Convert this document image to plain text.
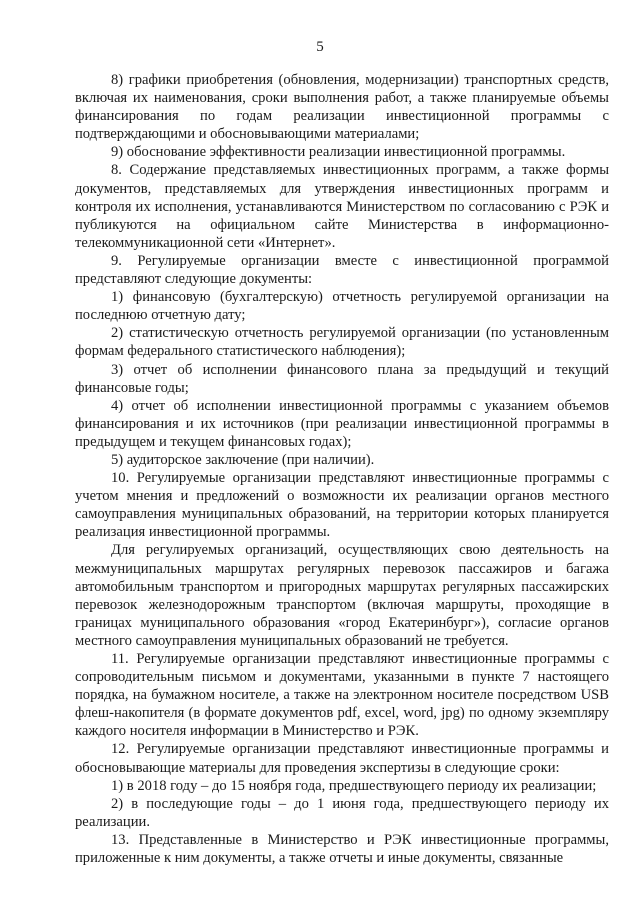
5

8) графики приобретения (обновления, модернизации) транспортных средств, включая их наименования, сроки выполнения работ, а также планируемые объемы финансирования по годам реализации инвестиционной программы с подтверждающими и обосновывающими материалами;

9) обоснование эффективности реализации инвестиционной программы.

8. Содержание представляемых инвестиционных программ, а также формы документов, представляемых для утверждения инвестиционных программ и контроля их исполнения, устанавливаются Министерством по согласованию с РЭК и публикуются на официальном сайте Министерства в информационно-телекоммуникационной сети «Интернет».

9. Регулируемые организации вместе с инвестиционной программой представляют следующие документы:

1) финансовую (бухгалтерскую) отчетность регулируемой организации на последнюю отчетную дату;

2) статистическую отчетность регулируемой организации (по установленным формам федерального статистического наблюдения);

3) отчет об исполнении финансового плана за предыдущий и текущий финансовые годы;

4) отчет об исполнении инвестиционной программы с указанием объемов финансирования и их источников (при реализации инвестиционной программы в предыдущем и текущем финансовых годах);

5) аудиторское заключение (при наличии).

10. Регулируемые организации представляют инвестиционные программы с учетом мнения и предложений о возможности их реализации органов местного самоуправления муниципальных образований, на территории которых планируется реализация инвестиционной программы.

Для регулируемых организаций, осуществляющих свою деятельность на межмуниципальных маршрутах регулярных перевозок пассажиров и багажа автомобильным транспортом и пригородных маршрутах регулярных пассажирских перевозок железнодорожным транспортом (включая маршруты, проходящие в границах муниципального образования «город Екатеринбург»), согласие органов местного самоуправления муниципальных образований не требуется.

11. Регулируемые организации представляют инвестиционные программы с сопроводительным письмом и документами, указанными в пункте 7 настоящего порядка, на бумажном носителе, а также на электронном носителе посредством USB флеш-накопителя (в формате документов pdf, excel, word, jpg) по одному экземпляру каждого носителя информации в Министерство и РЭК.

12. Регулируемые организации представляют инвестиционные программы и обосновывающие материалы для проведения экспертизы в следующие сроки:

1) в 2018 году – до 15 ноября года, предшествующего периоду их реализации;

2) в последующие годы – до 1 июня года, предшествующего периоду их реализации.

13. Представленные в Министерство и РЭК инвестиционные программы, приложенные к ним документы, а также отчеты и иные документы, связанные
